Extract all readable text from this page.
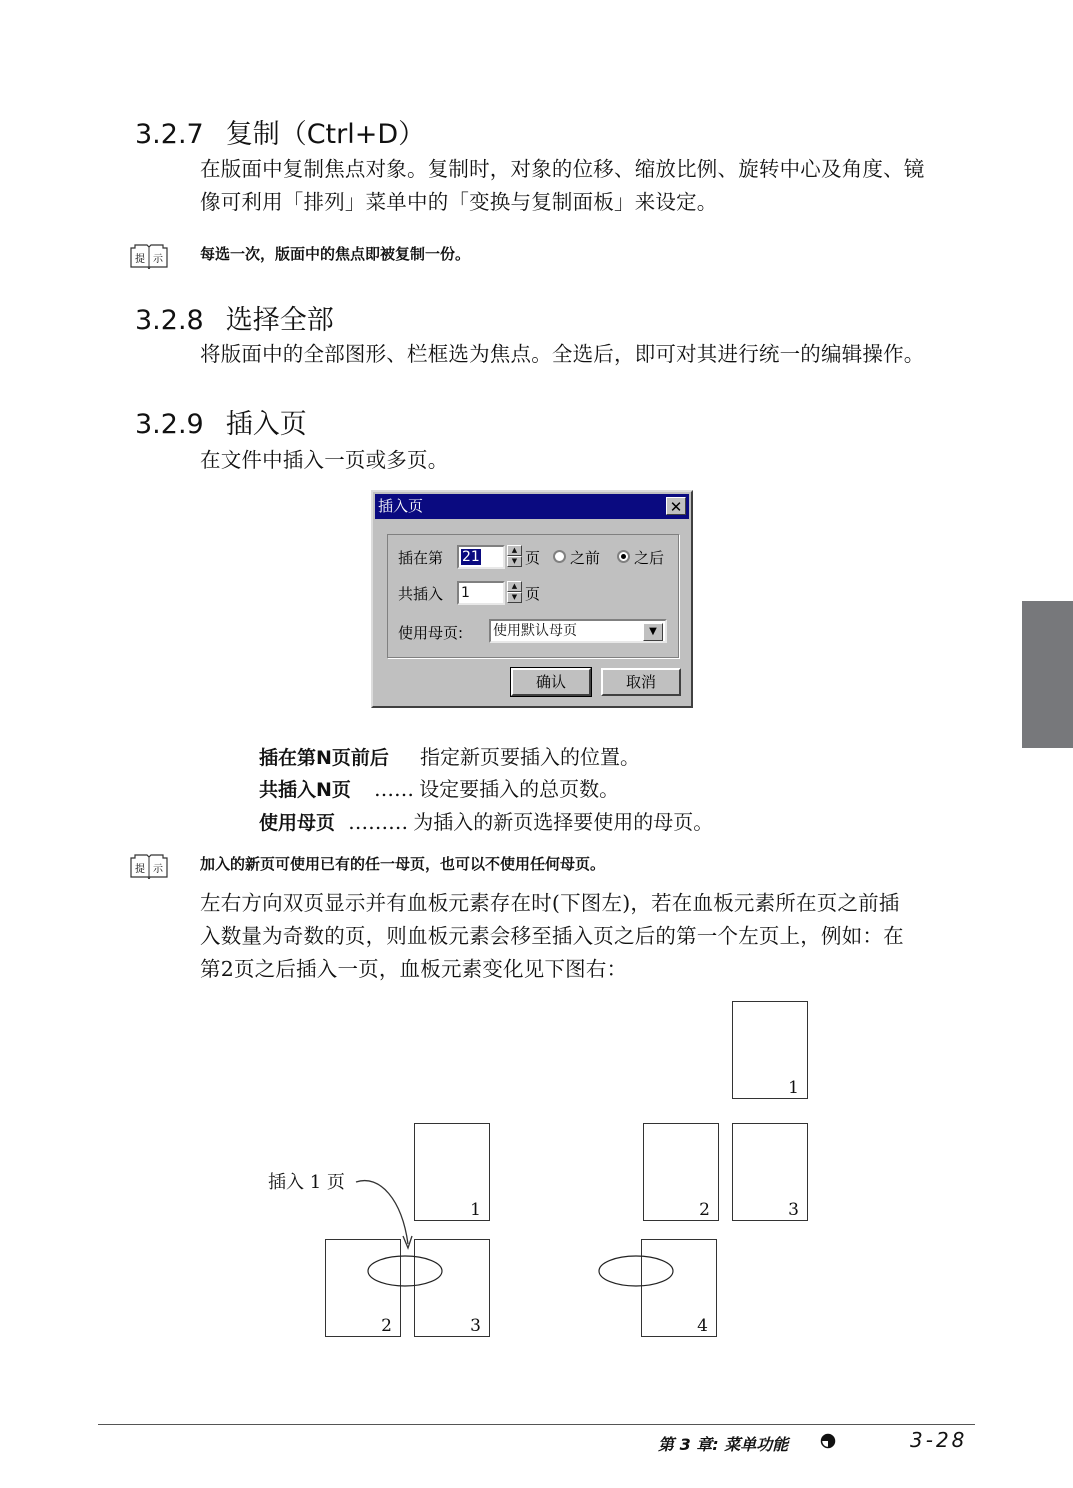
3.2.7 复制（Ctrl+D）
在版面中复制焦点对象。复制时，对象的位移、缩放比例、旋转中心及角度、镜
像可利用「排列」菜单中的「变换与复制面板」来设定。
提 示 每选一次，版面中的焦点即被复制一份。
3.2.8 选择全部
将版面中的全部图形、栏框选为焦点。全选后，即可对其进行统一的编辑操作。
3.2.9 插入页
在文件中插入一页或多页。
插入页	✕
插在第	21	▲
▼ 页 之前 之后
共插入 1	▲
▼ 页
使用母页: 使用默认母页	▼
确认	取消
插在第N页前后 指定新页要插入的位置。
共插入N页 …… 设定要插入的总页数。
使用母页 ……… 为插入的新页选择要使用的母页。
提 示 加入的新页可使用已有的任一母页，也可以不使用任何母页。
左右方向双页显示并有血板元素存在时(下图左)，若在血板元素所在页之前插
入数量为奇数的页，则血板元素会移至插入页之后的第一个左页上，例如：在
第2页之后插入一页，血板元素变化见下图右：
插入 1 页
1
2	3
1
2	3
4
第 3 章: 菜单功能	3-28
